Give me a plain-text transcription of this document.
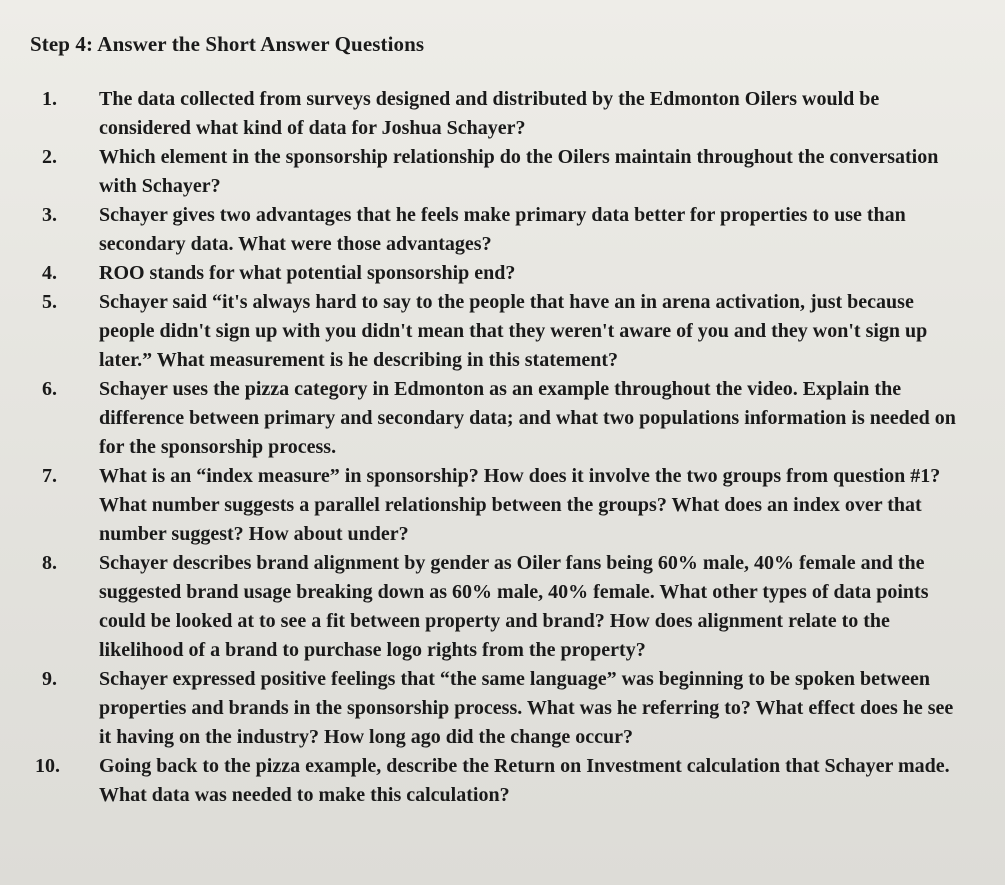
Step 4: Answer the Short Answer Questions
1. The data collected from surveys designed and distributed by the Edmonton Oilers would be considered what kind of data for Joshua Schayer?
2. Which element in the sponsorship relationship do the Oilers maintain throughout the conversation with Schayer?
3. Schayer gives two advantages that he feels make primary data better for properties to use than secondary data. What were those advantages?
4. ROO stands for what potential sponsorship end?
5. Schayer said “it's always hard to say to the people that have an in arena activation, just because people didn't sign up with you didn't mean that they weren't aware of you and they won't sign up later.” What measurement is he describing in this statement?
6. Schayer uses the pizza category in Edmonton as an example throughout the video. Explain the difference between primary and secondary data; and what two populations information is needed on for the sponsorship process.
7. What is an “index measure” in sponsorship? How does it involve the two groups from question #1? What number suggests a parallel relationship between the groups? What does an index over that number suggest? How about under?
8. Schayer describes brand alignment by gender as Oiler fans being 60% male, 40% female and the suggested brand usage breaking down as 60% male, 40% female. What other types of data points could be looked at to see a fit between property and brand? How does alignment relate to the likelihood of a brand to purchase logo rights from the property?
9. Schayer expressed positive feelings that “the same language” was beginning to be spoken between properties and brands in the sponsorship process. What was he referring to? What effect does he see it having on the industry? How long ago did the change occur?
10. Going back to the pizza example, describe the Return on Investment calculation that Schayer made. What data was needed to make this calculation?
